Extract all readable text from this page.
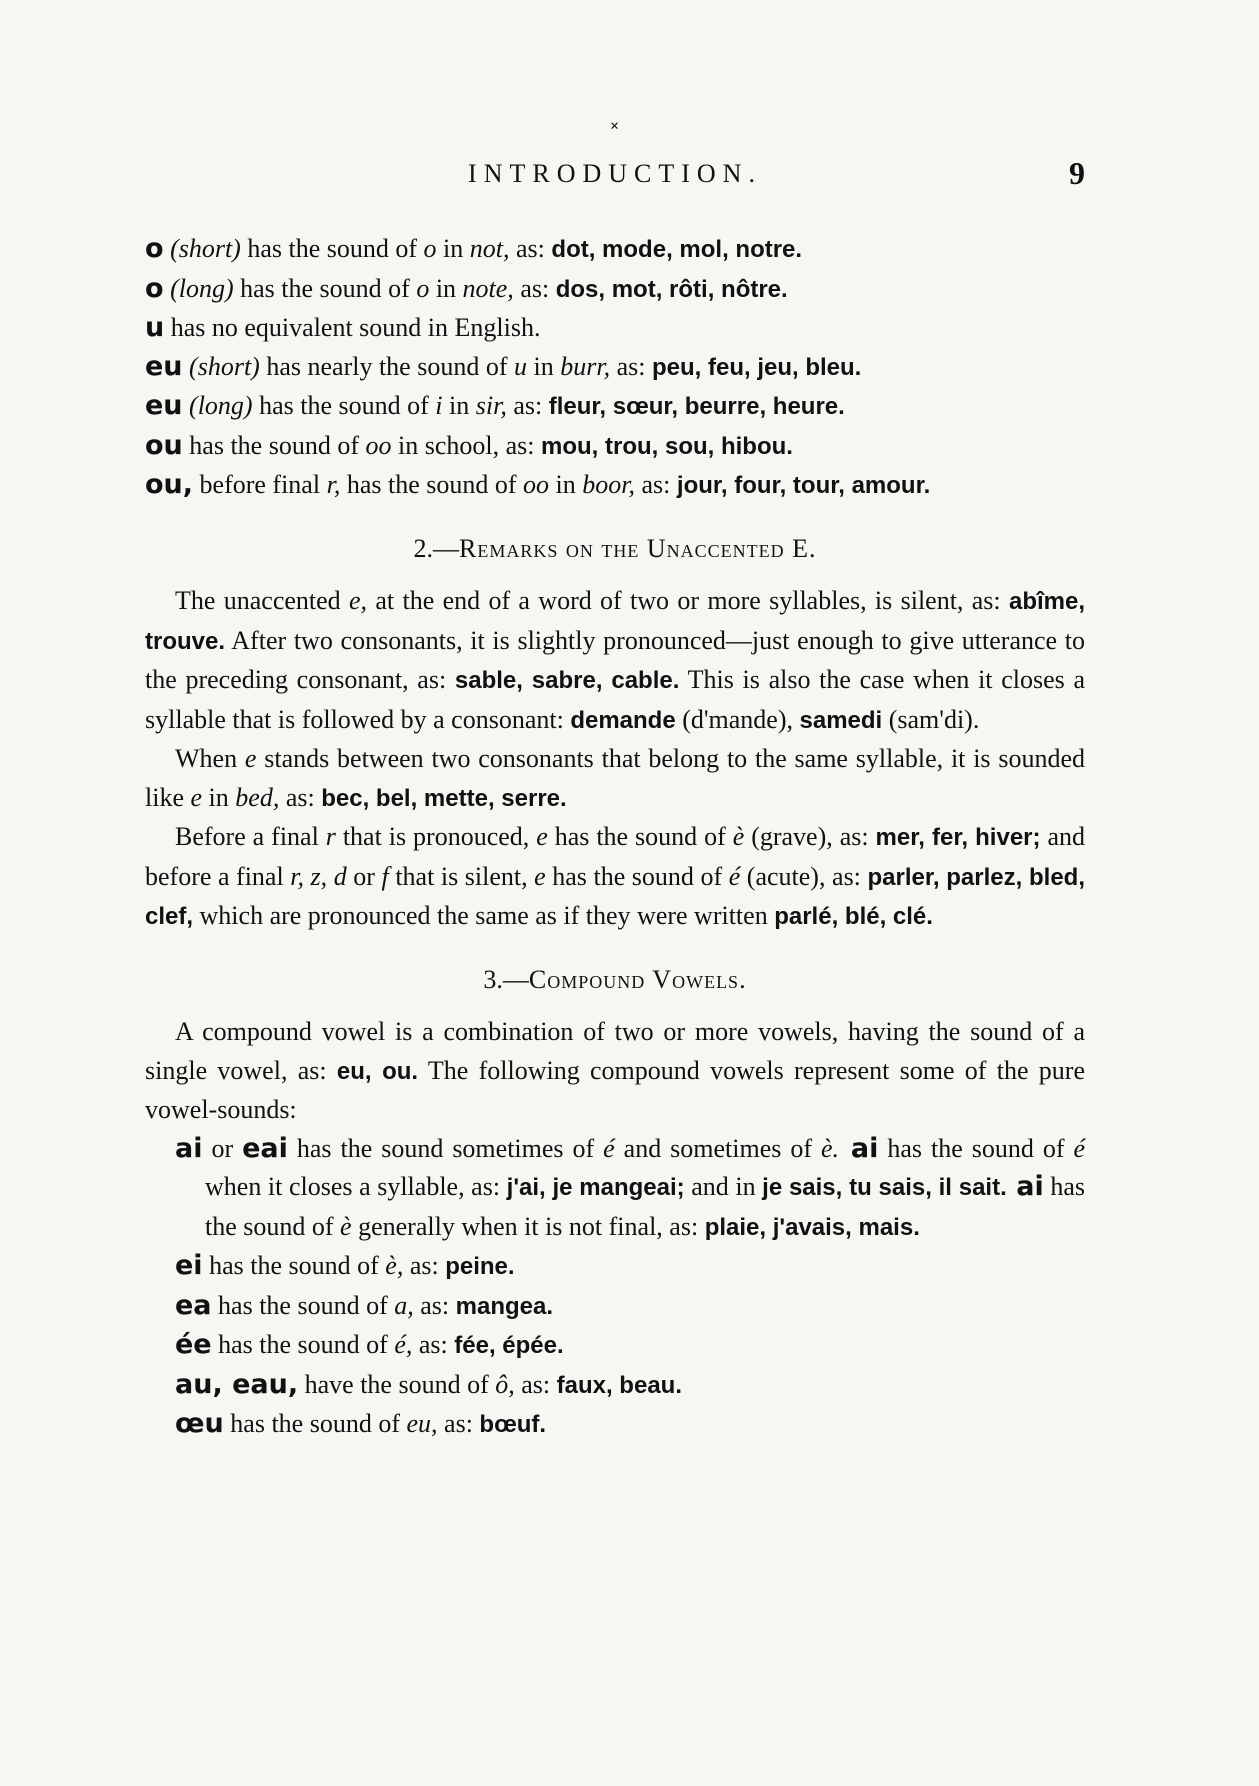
×
INTRODUCTION.	9
o (short) has the sound of o in not, as: dot, mode, mol, notre.
o (long) has the sound of o in note, as: dos, mot, rôti, nôtre.
u has no equivalent sound in English.
eu (short) has nearly the sound of u in burr, as: peu, feu, jeu, bleu.
eu (long) has the sound of i in sir, as: fleur, sœur, beurre, heure.
ou has the sound of oo in school, as: mou, trou, sou, hibou.
ou, before final r, has the sound of oo in boor, as: jour, four, tour, amour.
2.—Remarks on the Unaccented E.
The unaccented e, at the end of a word of two or more syllables, is silent, as: abîme, trouve. After two consonants, it is slightly pronounced—just enough to give utterance to the preceding consonant, as: sable, sabre, cable. This is also the case when it closes a syllable that is followed by a consonant: demande (d'mande), samedi (sam'di).
When e stands between two consonants that belong to the same syllable, it is sounded like e in bed, as: bec, bel, mette, serre.
Before a final r that is pronouced, e has the sound of è (grave), as: mer, fer, hiver; and before a final r, z, d or f that is silent, e has the sound of é (acute), as: parler, parlez, bled, clef, which are pronounced the same as if they were written parlé, blé, clé.
3.—Compound Vowels.
A compound vowel is a combination of two or more vowels, having the sound of a single vowel, as: eu, ou. The following compound vowels represent some of the pure vowel-sounds:
ai or eai has the sound sometimes of é and sometimes of è. ai has the sound of é when it closes a syllable, as: j'ai, je mangeai; and in je sais, tu sais, il sait. ai has the sound of è generally when it is not final, as: plaie, j'avais, mais.
ei has the sound of è, as: peine.
ea has the sound of a, as: mangea.
ée has the sound of é, as: fée, épée.
au, eau, have the sound of ô, as: faux, beau.
œu has the sound of eu, as: bœuf.
